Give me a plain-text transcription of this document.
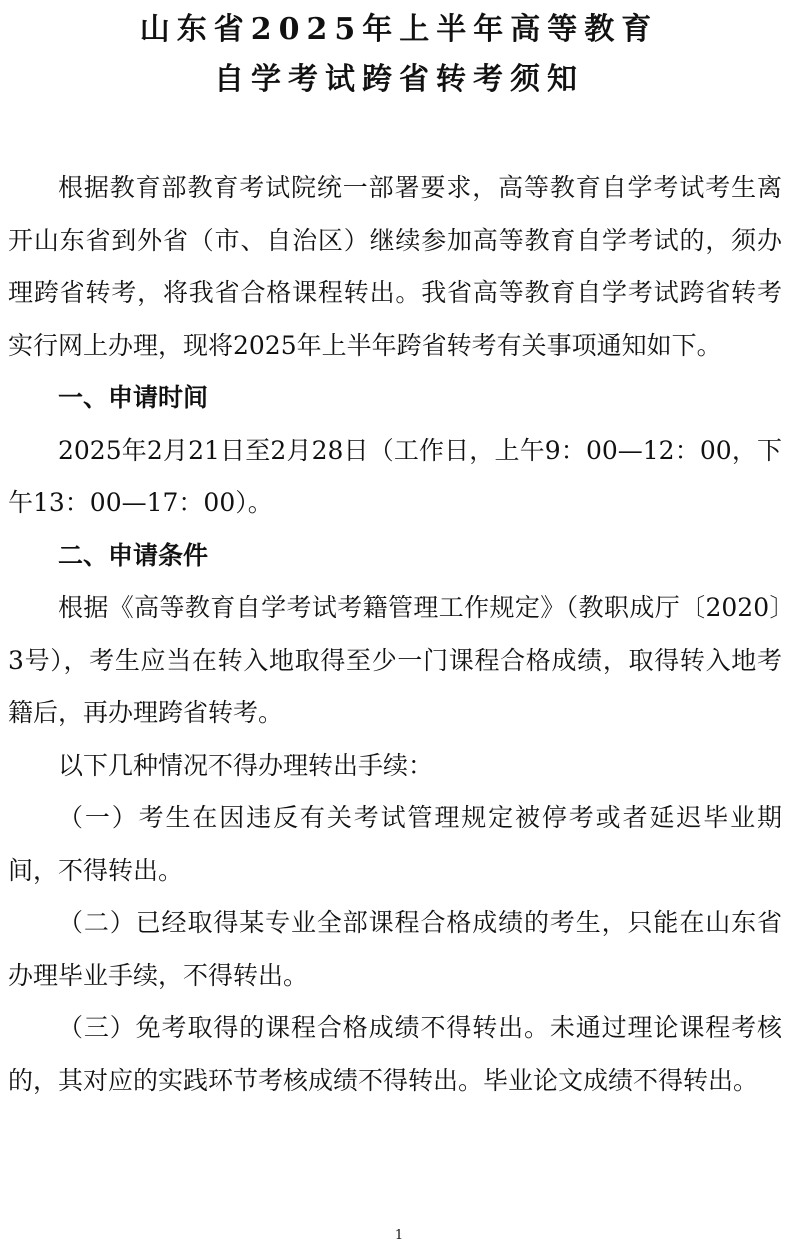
山东省2025年上半年高等教育
自学考试跨省转考须知

根据教育部教育考试院统一部署要求，高等教育自学考试考生离开山东省到外省（市、自治区）继续参加高等教育自学考试的，须办理跨省转考，将我省合格课程转出。我省高等教育自学考试跨省转考实行网上办理，现将2025年上半年跨省转考有关事项通知如下。

一、申请时间

2025年2月21日至2月28日（工作日，上午9：00—12：00，下午13：00—17：00）。

二、申请条件

根据《高等教育自学考试考籍管理工作规定》（教职成厅〔2020〕3号），考生应当在转入地取得至少一门课程合格成绩，取得转入地考籍后，再办理跨省转考。

以下几种情况不得办理转出手续：

（一）考生在因违反有关考试管理规定被停考或者延迟毕业期间，不得转出。

（二）已经取得某专业全部课程合格成绩的考生，只能在山东省办理毕业手续，不得转出。

（三）免考取得的课程合格成绩不得转出。未通过理论课程考核的，其对应的实践环节考核成绩不得转出。毕业论文成绩不得转出。

1
